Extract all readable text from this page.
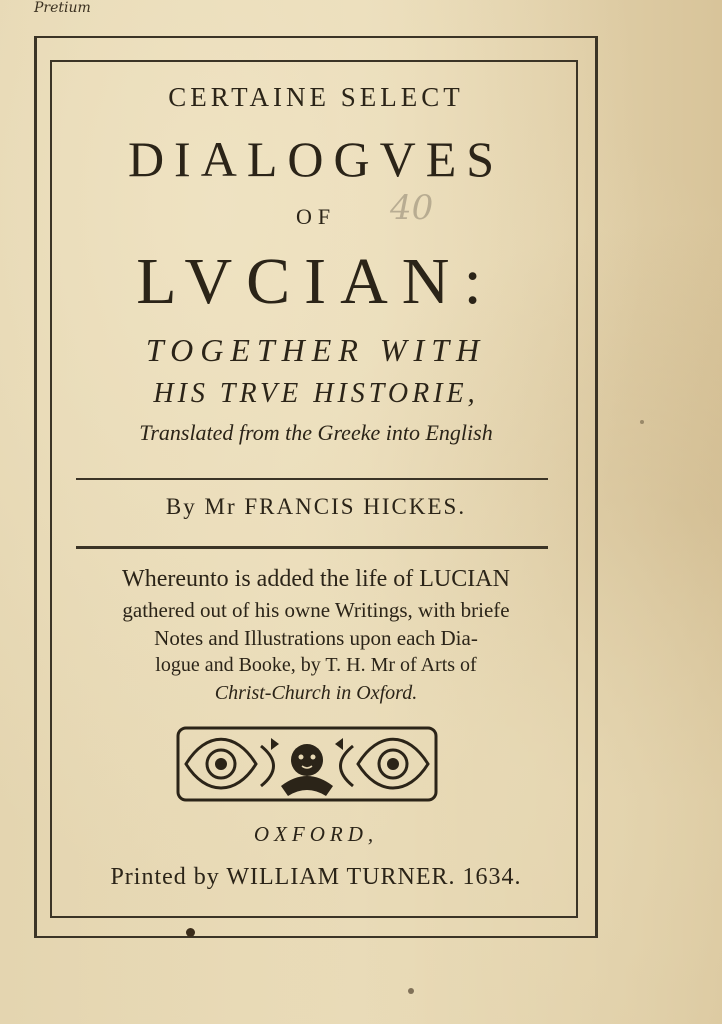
Pretium
CERTAINE SELECT
DIALOGVES
OF	40
LVCIAN:
TOGETHER WITH
HIS TRVE HISTORIE,
Translated from the Greeke into English
By Mr FRANCIS HICKES.
Whereunto is added the life of LUCIAN
gathered out of his owne Writings, with briefe
Notes and Illustrations upon each Dia-
logue and Booke, by T. H. Mr of Arts of
Christ-Church in Oxford.
OXFORD,
Printed by WILLIAM TURNER. 1634.
